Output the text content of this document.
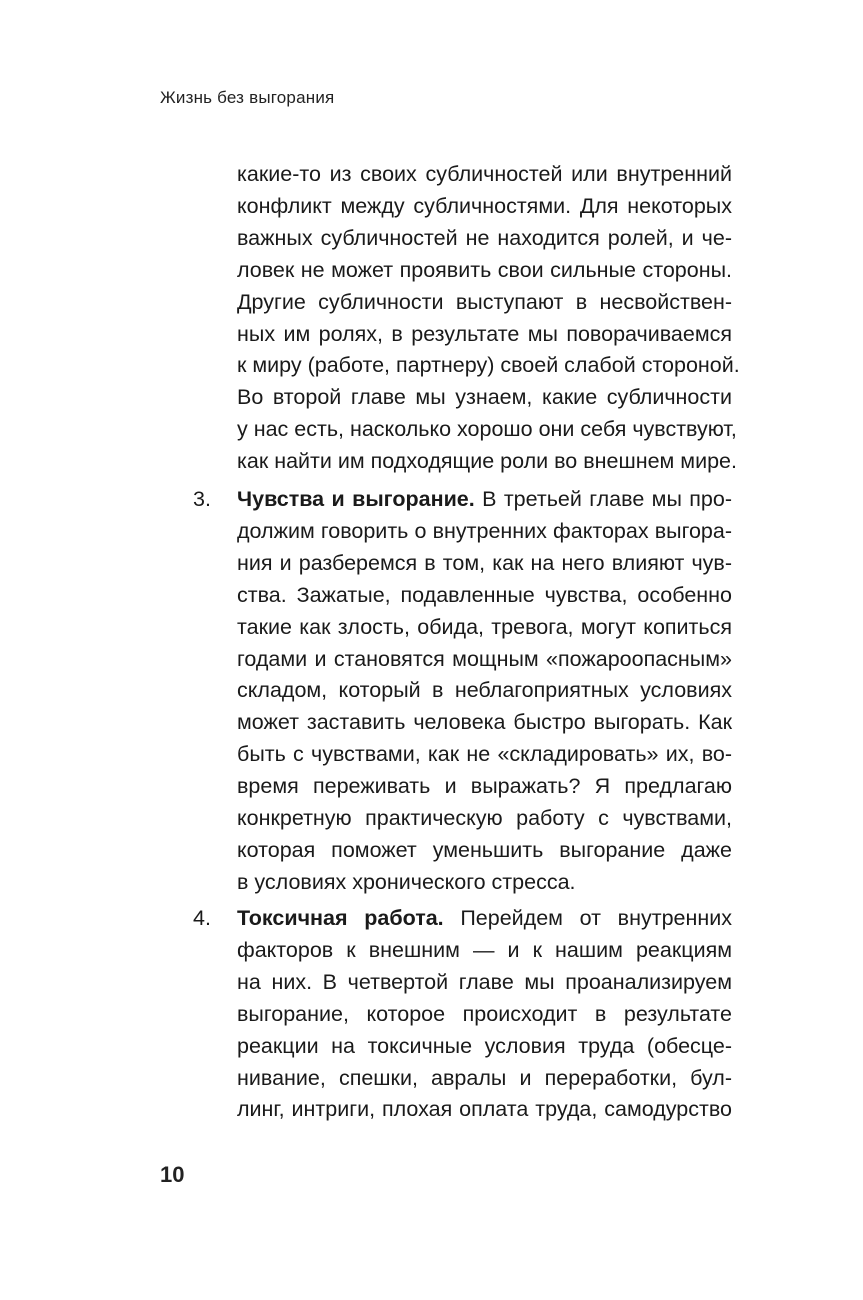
Жизнь без выгорания
какие-то из своих субличностей или внутренний
конфликт между субличностями. Для некоторых
важных субличностей не находится ролей, и че-
ловек не может проявить свои сильные стороны.
Другие субличности выступают в несвойствен-
ных им ролях, в результате мы поворачиваемся
к миру (работе, партнеру) своей слабой стороной.
Во второй главе мы узнаем, какие субличности
у нас есть, насколько хорошо они себя чувствуют,
как найти им подходящие роли во внешнем мире.
3. Чувства и выгорание. В третьей главе мы про-
должим говорить о внутренних факторах выгора-
ния и разберемся в том, как на него влияют чув-
ства. Зажатые, подавленные чувства, особенно
такие как злость, обида, тревога, могут копиться
годами и становятся мощным «пожароопасным»
складом, который в неблагоприятных условиях
может заставить человека быстро выгорать. Как
быть с чувствами, как не «складировать» их, во-
время переживать и выражать? Я предлагаю
конкретную практическую работу с чувствами,
которая поможет уменьшить выгорание даже
в условиях хронического стресса.
4. Токсичная работа. Перейдем от внутренних
факторов к внешним — и к нашим реакциям
на них. В четвертой главе мы проанализируем
выгорание, которое происходит в результате
реакции на токсичные условия труда (обесце-
нивание, спешки, авралы и переработки, бул-
линг, интриги, плохая оплата труда, самодурство
10
